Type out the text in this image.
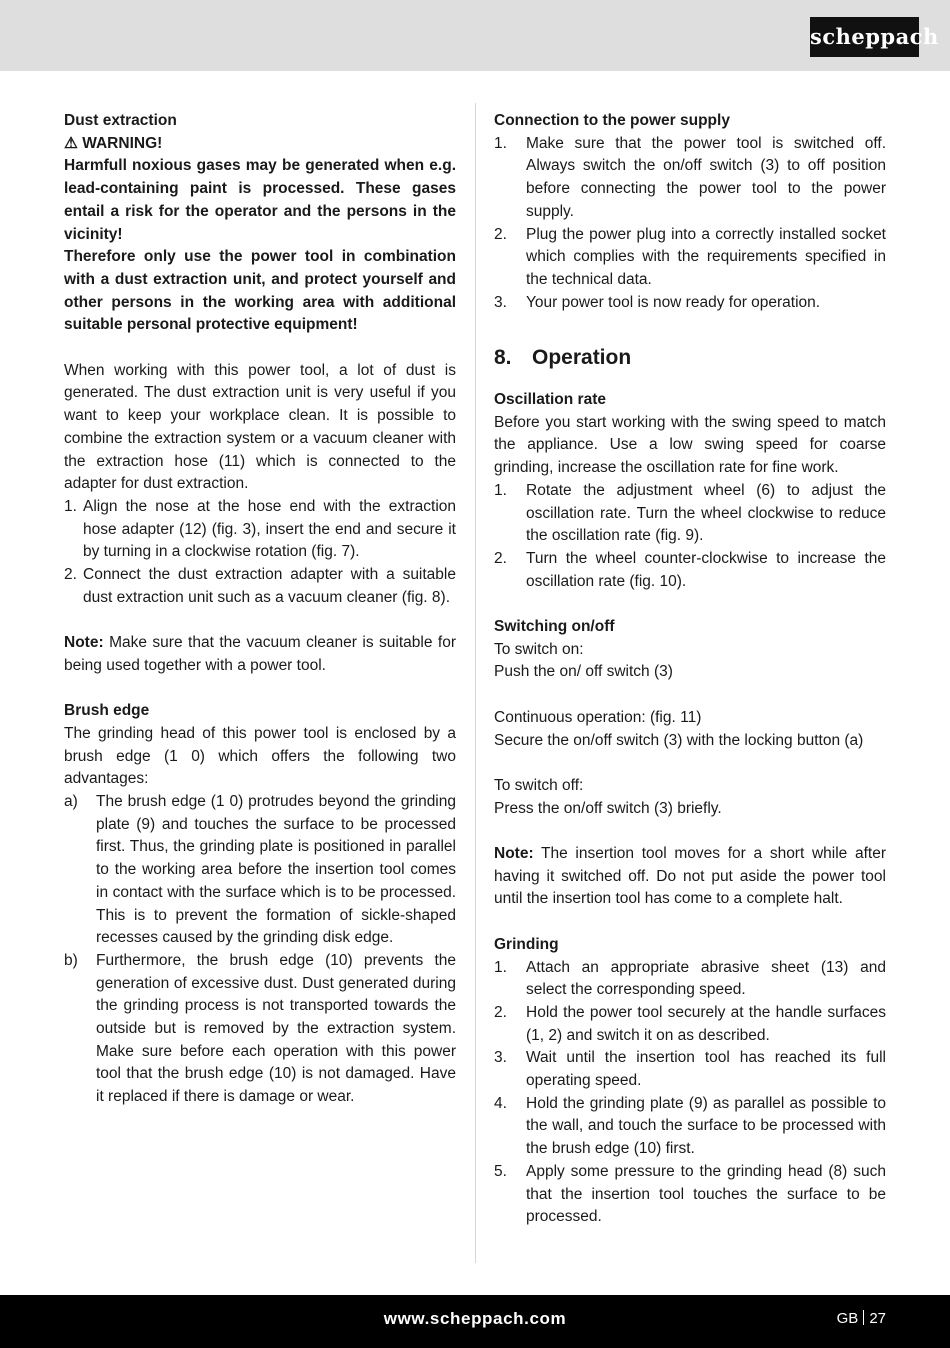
scheppach

Dust extraction

⚠ WARNING!

Harmfull noxious gases may be generated when e.g. lead-containing paint is processed. These gases entail a risk for the operator and the persons in the vicinity!

Therefore only use the power tool in combination with a dust extraction unit, and protect yourself and other persons in the working area with additional suitable personal protective equipment!

When working with this power tool, a lot of dust is generated. The dust extraction unit is very useful if you want to keep your workplace clean. It is possible to combine the extraction system or a vacuum cleaner with the extraction hose (11) which is connected to the adapter for dust extraction.

1. Align the nose at the hose end with the extraction hose adapter (12) (fig. 3), insert the end and secure it by turning in a clockwise rotation (fig. 7).
2. Connect the dust extraction adapter with a suitable dust extraction unit such as a vacuum cleaner (fig. 8).

Note: Make sure that the vacuum cleaner is suitable for being used together with a power tool.

Brush edge

The grinding head of this power tool is enclosed by a brush edge (1 0) which offers the following two advantages:

a) The brush edge (1 0) protrudes beyond the grinding plate (9) and touches the surface to be processed first. Thus, the grinding plate is positioned in parallel to the working area before the insertion tool comes in contact with the surface which is to be processed. This is to prevent the formation of sickle-shaped recesses caused by the grinding disk edge.
b) Furthermore, the brush edge (10) prevents the generation of excessive dust. Dust generated during the grinding process is not transported towards the outside but is removed by the extraction system. Make sure before each operation with this power tool that the brush edge (10) is not damaged. Have it replaced if there is damage or wear.

Connection to the power supply

1. Make sure that the power tool is switched off. Always switch the on/off switch (3) to off position before connecting the power tool to the power supply.
2. Plug the power plug into a correctly installed socket which complies with the requirements specified in the technical data.
3. Your power tool is now ready for operation.
8. Operation

Oscillation rate

Before you start working with the swing speed to match the appliance. Use a low swing speed for coarse grinding, increase the oscillation rate for fine work.

1. Rotate the adjustment wheel (6) to adjust the oscillation rate. Turn the wheel clockwise to reduce the oscillation rate (fig. 9).
2. Turn the wheel counter-clockwise to increase the oscillation rate (fig. 10).

Switching on/off

To switch on:

Push the on/ off switch (3)

Continuous operation: (fig. 11)

Secure the on/off switch (3) with the locking button (a)

To switch off:

Press the on/off switch (3) briefly.

Note: The insertion tool moves for a short while after having it switched off. Do not put aside the power tool until the insertion tool has come to a complete halt.

Grinding

1. Attach an appropriate abrasive sheet (13) and select the corresponding speed.
2. Hold the power tool securely at the handle surfaces (1, 2) and switch it on as described.
3. Wait until the insertion tool has reached its full operating speed.
4. Hold the grinding plate (9) as parallel as possible to the wall, and touch the surface to be processed with the brush edge (10) first.
5. Apply some pressure to the grinding head (8) such that the insertion tool touches the surface to be processed.
www.scheppach.com	GB 27
